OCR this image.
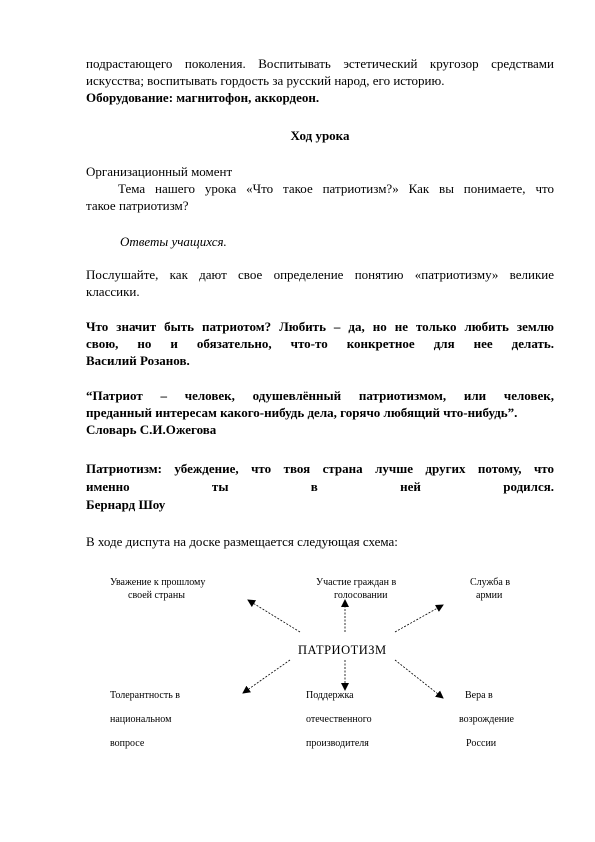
подрастающего поколения. Воспитывать эстетический кругозор средствами
искусства; воспитывать гордость за русский народ, его историю.
Оборудование: магнитофон, аккордеон.
Ход урока
Организационный момент
Тема нашего урока «Что такое патриотизм?» Как вы понимаете, что
такое патриотизм?
Ответы учащихся.
Послушайте, как дают свое определение понятию «патриотизму» великие
классики.
Что значит быть патриотом? Любить – да, но не только любить землю
свою, но и обязательно, что-то конкретное для нее делать.
Василий Розанов.
“Патриот – человек, одушевлённый патриотизмом, или человек,
преданный интересам какого-нибудь дела, горячо любящий что-нибудь”.
Словарь С.И.Ожегова
Патриотизм: убеждение, что твоя страна лучше других потому, что
именно ты в ней родился.
Бернард Шоу
В ходе диспута на доске размещается следующая схема:
ПАТРИОТИЗМ
Уважение к прошлому
своей страны
Участие граждан в
голосовании
Служба в
армии
Толерантность в
национальном
вопросе
Поддержка
отечественного
производителя
Вера в
возрождение
России
